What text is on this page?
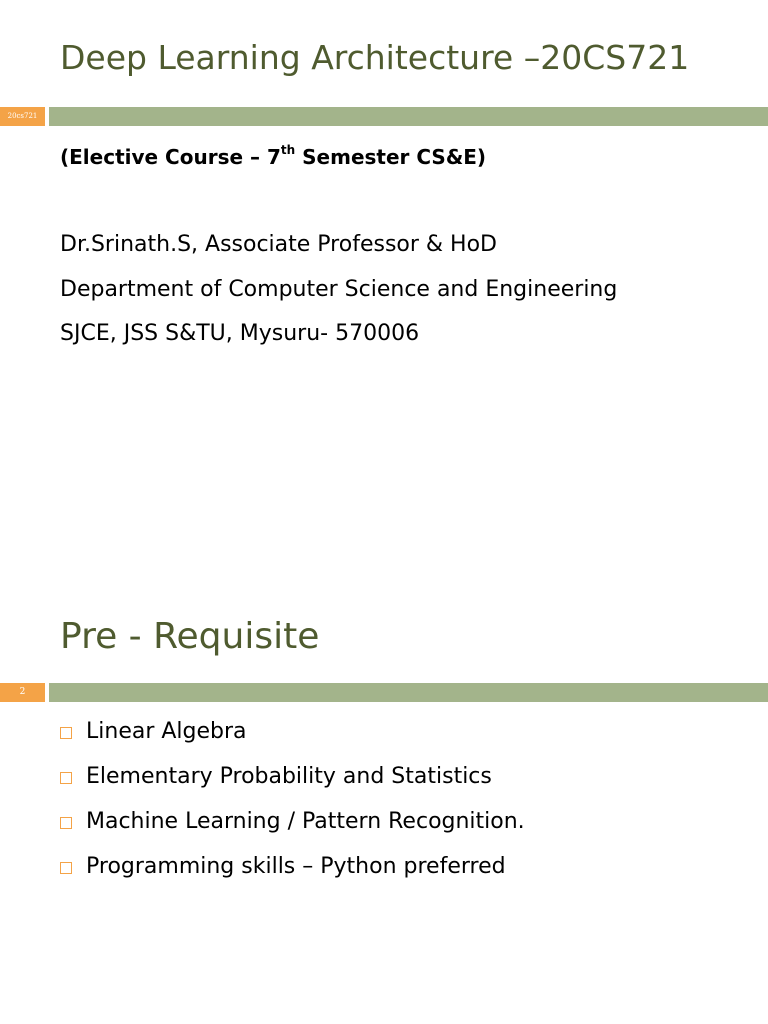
Deep Learning Architecture –20CS721
20cs721
(Elective Course – 7th Semester CS&E)
Dr.Srinath.S, Associate Professor & HoD
Department of Computer Science and Engineering
SJCE, JSS S&TU, Mysuru- 570006
Pre - Requisite
2
Linear Algebra
Elementary Probability and Statistics
Machine Learning / Pattern Recognition.
Programming skills – Python preferred
